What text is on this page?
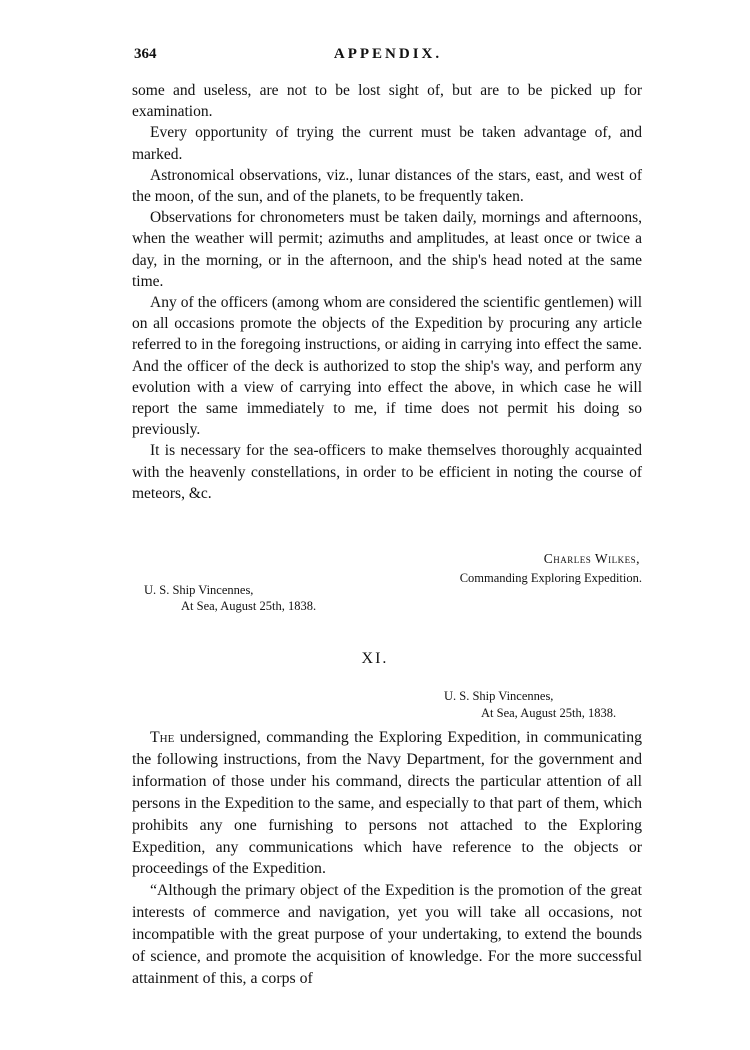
364	APPENDIX.

some and useless, are not to be lost sight of, but are to be picked up for examination.

Every opportunity of trying the current must be taken advantage of, and marked.

Astronomical observations, viz., lunar distances of the stars, east, and west of the moon, of the sun, and of the planets, to be frequently taken.

Observations for chronometers must be taken daily, mornings and afternoons, when the weather will permit; azimuths and amplitudes, at least once or twice a day, in the morning, or in the afternoon, and the ship's head noted at the same time.

Any of the officers (among whom are considered the scientific gentlemen) will on all occasions promote the objects of the Expedition by procuring any article referred to in the foregoing instructions, or aiding in carrying into effect the same. And the officer of the deck is authorized to stop the ship's way, and perform any evolution with a view of carrying into effect the above, in which case he will report the same immediately to me, if time does not permit his doing so previously.

It is necessary for the sea-officers to make themselves thoroughly acquainted with the heavenly constellations, in order to be efficient in noting the course of meteors, &c.

Charles Wilkes,
Commanding Exploring Expedition.
U. S. Ship Vincennes,
At Sea, August 25th, 1838.
XI.
U. S. Ship Vincennes,
At Sea, August 25th, 1838.

The undersigned, commanding the Exploring Expedition, in communicating the following instructions, from the Navy Department, for the government and information of those under his command, directs the particular attention of all persons in the Expedition to the same, and especially to that part of them, which prohibits any one furnishing to persons not attached to the Exploring Expedition, any communications which have reference to the objects or proceedings of the Expedition.

“Although the primary object of the Expedition is the promotion of the great interests of commerce and navigation, yet you will take all occasions, not incompatible with the great purpose of your undertaking, to extend the bounds of science, and promote the acquisition of knowledge. For the more successful attainment of this, a corps of
